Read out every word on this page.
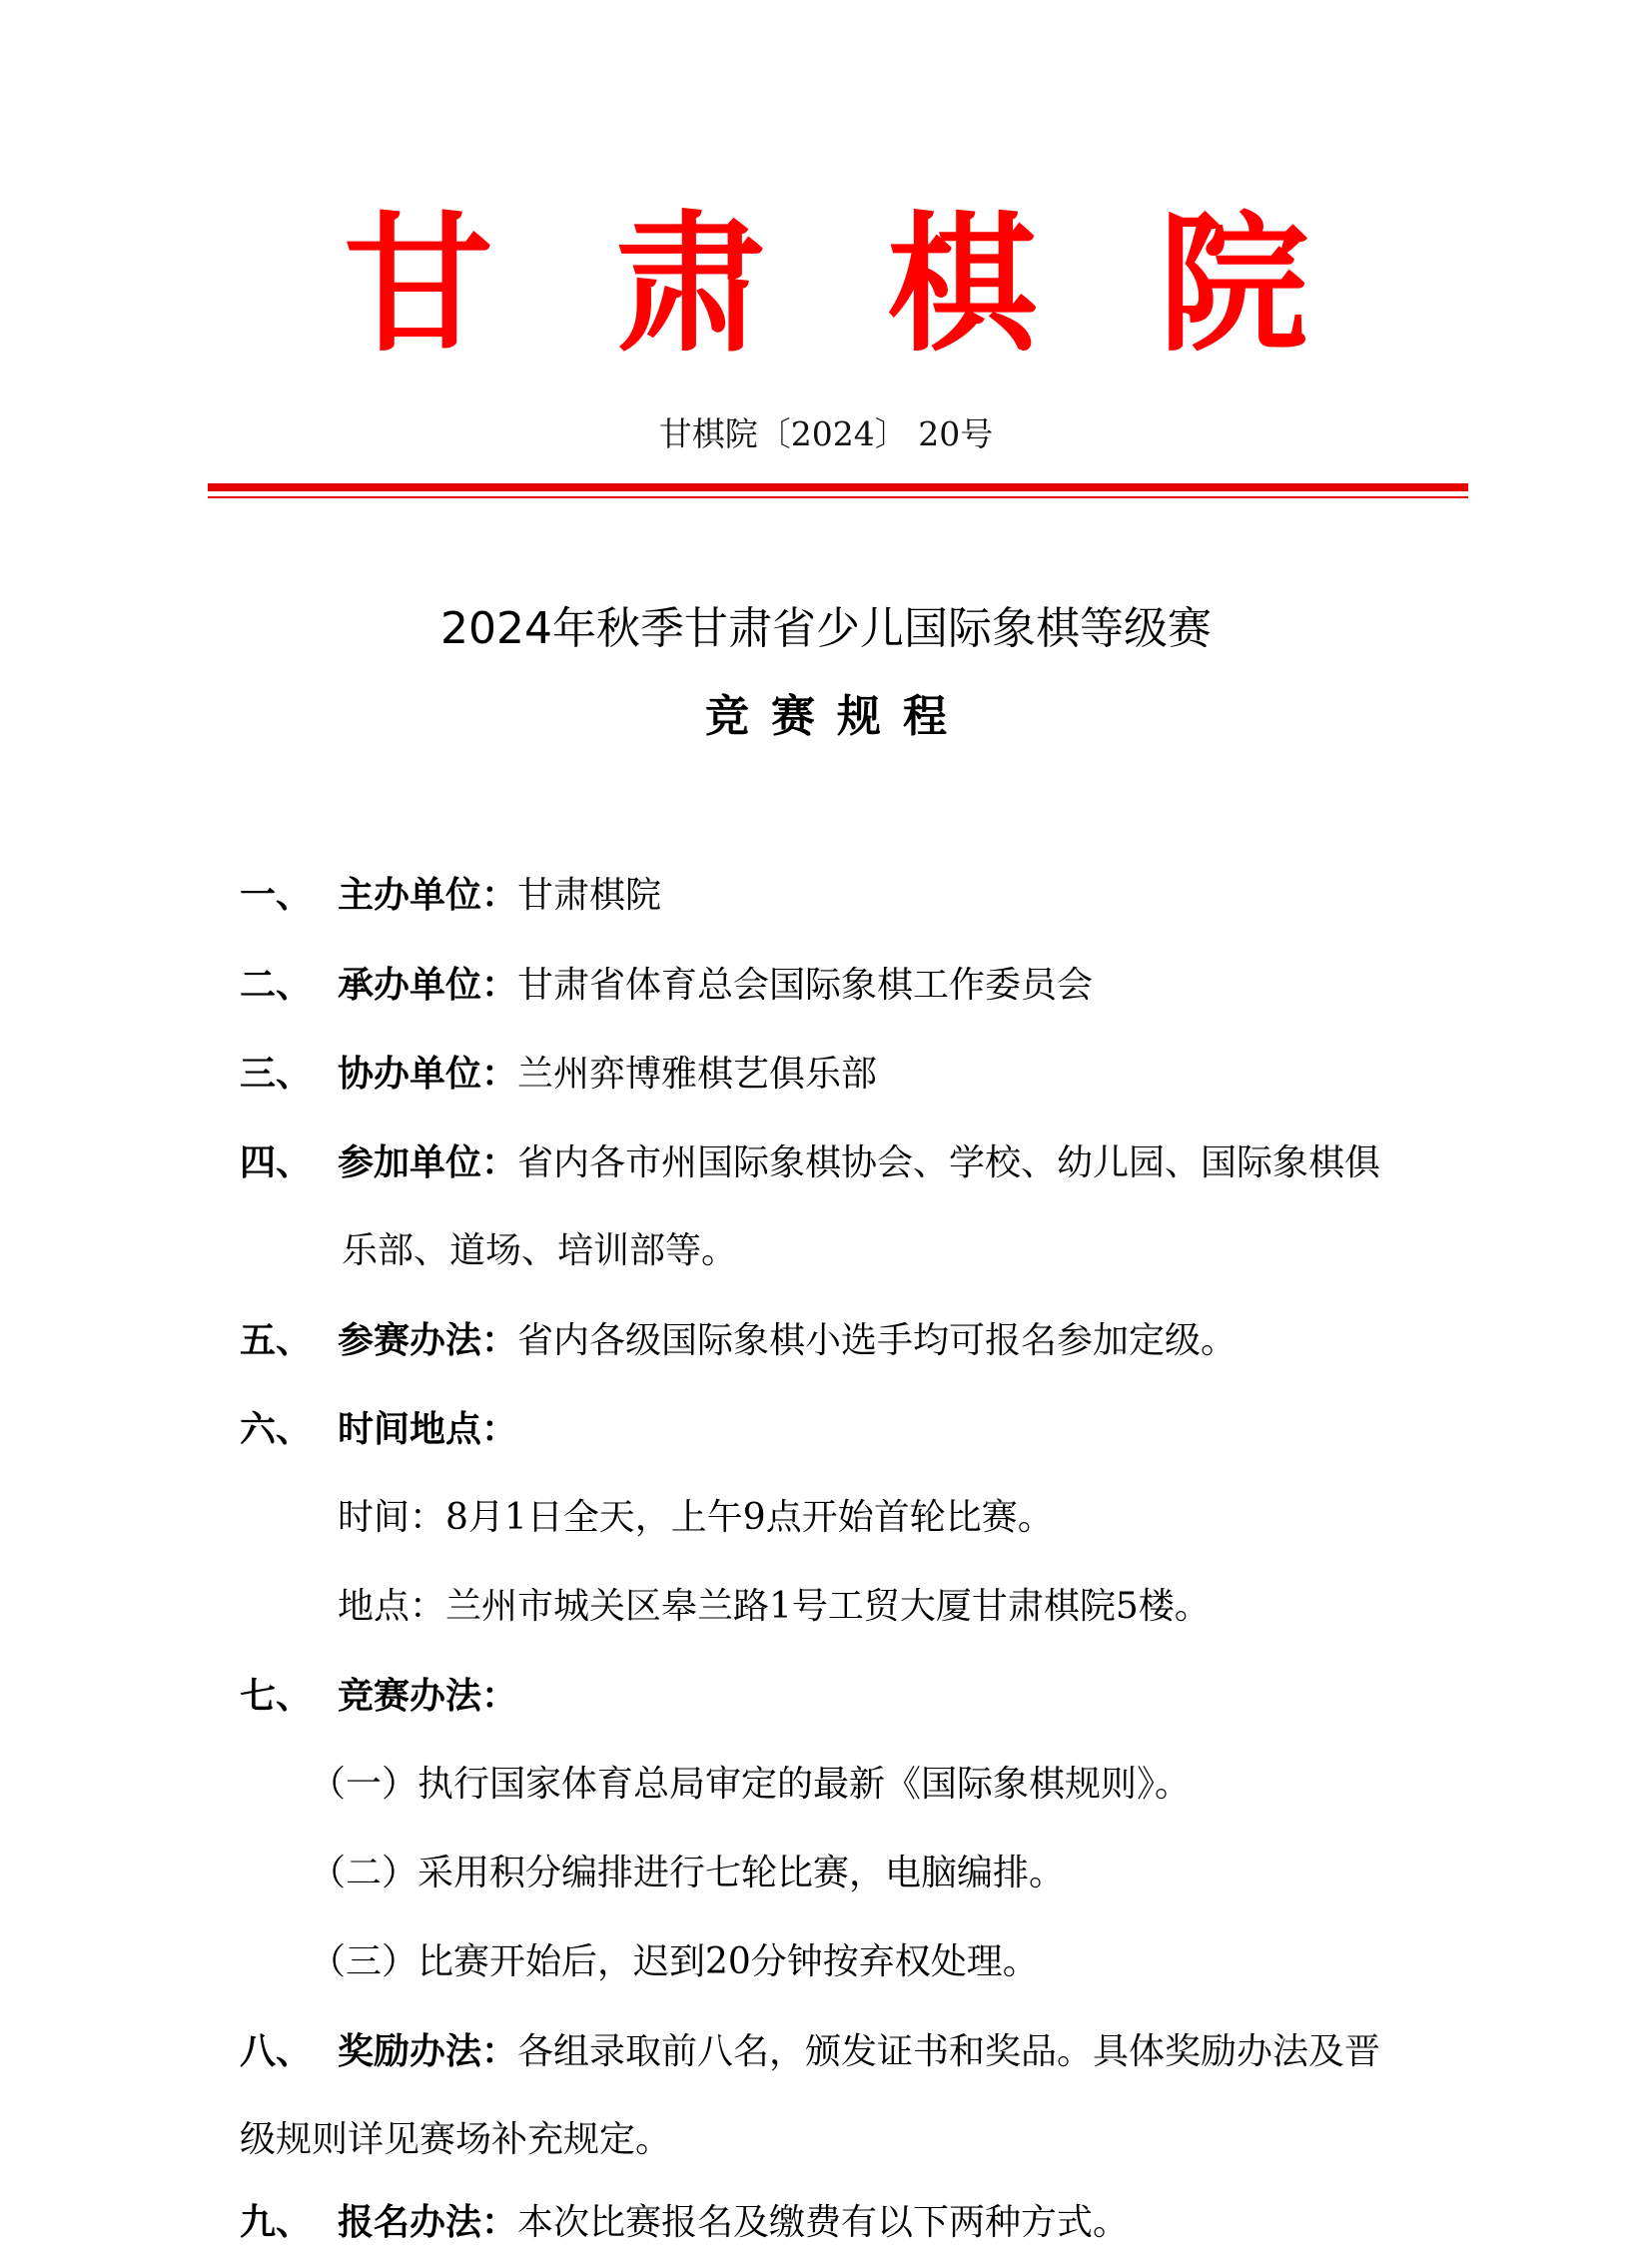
甘肃棋院
甘棋院〔2024〕 20号
2024年秋季甘肃省少儿国际象棋等级赛
竞赛规程
一、 主办单位：甘肃棋院
二、 承办单位：甘肃省体育总会国际象棋工作委员会
三、 协办单位：兰州弈博雅棋艺俱乐部
四、 参加单位：省内各市州国际象棋协会、学校、幼儿园、国际象棋俱
乐部、道场、培训部等。
五、 参赛办法：省内各级国际象棋小选手均可报名参加定级。
六、 时间地点：
时间：8月1日全天，上午9点开始首轮比赛。
地点：兰州市城关区皋兰路1号工贸大厦甘肃棋院5楼。
七、 竞赛办法：
（一）执行国家体育总局审定的最新《国际象棋规则》。
（二）采用积分编排进行七轮比赛，电脑编排。
（三）比赛开始后，迟到20分钟按弃权处理。
八、 奖励办法：各组录取前八名，颁发证书和奖品。具体奖励办法及晋
级规则详见赛场补充规定。
九、 报名办法：本次比赛报名及缴费有以下两种方式。
